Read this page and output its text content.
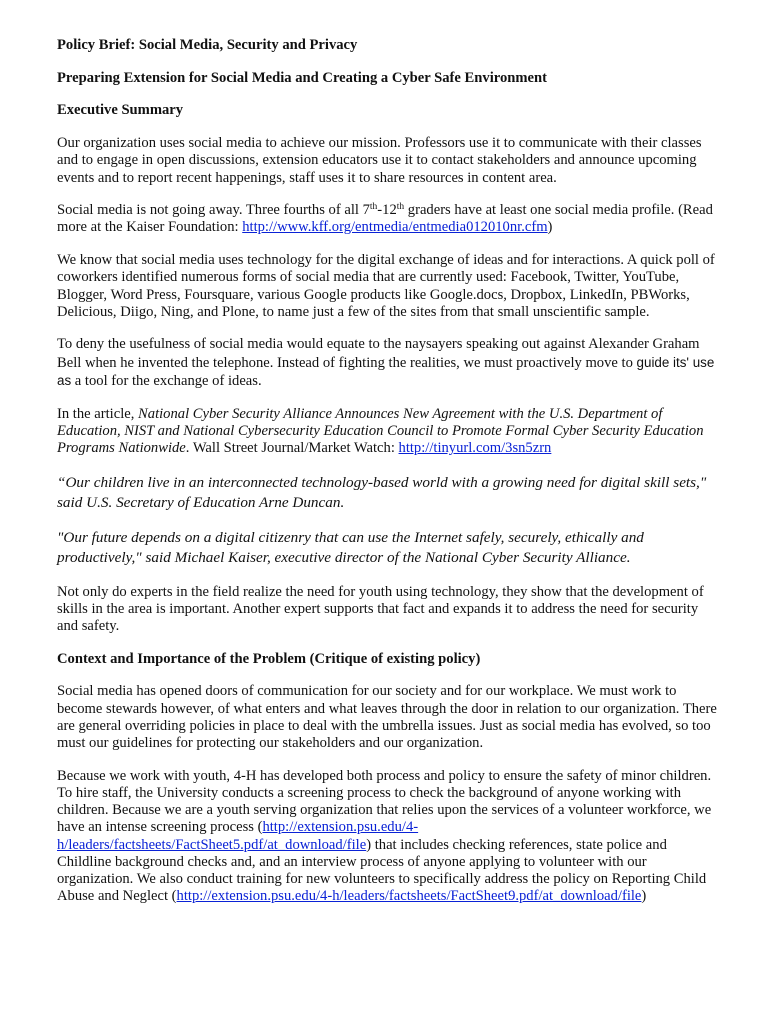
Policy Brief: Social Media, Security and Privacy

Preparing Extension for Social Media and Creating a Cyber Safe Environment

Executive Summary

Our organization uses social media to achieve our mission. Professors use it to communicate with their classes and to engage in open discussions, extension educators use it to contact stakeholders and announce upcoming events and to report recent happenings, staff uses it to share resources in content area.

Social media is not going away. Three fourths of all 7th-12th graders have at least one social media profile. (Read more at the Kaiser Foundation: http://www.kff.org/entmedia/entmedia012010nr.cfm)

We know that social media uses technology for the digital exchange of ideas and for interactions. A quick poll of coworkers identified numerous forms of social media that are currently used: Facebook, Twitter, YouTube, Blogger, Word Press, Foursquare, various Google products like Google.docs, Dropbox, LinkedIn, PBWorks, Delicious, Diigo, Ning, and Plone, to name just a few of the sites from that small unscientific sample.

To deny the usefulness of social media would equate to the naysayers speaking out against Alexander Graham Bell when he invented the telephone. Instead of fighting the realities, we must proactively move to guide its' use as a tool for the exchange of ideas.

In the article, National Cyber Security Alliance Announces New Agreement with the U.S. Department of Education, NIST and National Cybersecurity Education Council to Promote Formal Cyber Security Education Programs Nationwide. Wall Street Journal/Market Watch: http://tinyurl.com/3sn5zrn

“Our children live in an interconnected technology-based world with a growing need for digital skill sets," said U.S. Secretary of Education Arne Duncan.

"Our future depends on a digital citizenry that can use the Internet safely, securely, ethically and productively," said Michael Kaiser, executive director of the National Cyber Security Alliance.

Not only do experts in the field realize the need for youth using technology, they show that the development of skills in the area is important. Another expert supports that fact and expands it to address the need for security and safety.

Context and Importance of the Problem (Critique of existing policy)

Social media has opened doors of communication for our society and for our workplace. We must work to become stewards however, of what enters and what leaves through the door in relation to our organization. There are general overriding policies in place to deal with the umbrella issues. Just as social media has evolved, so too must our guidelines for protecting our stakeholders and our organization.

Because we work with youth, 4-H has developed both process and policy to ensure the safety of minor children. To hire staff, the University conducts a screening process to check the background of anyone working with children. Because we are a youth serving organization that relies upon the services of a volunteer workforce, we have an intense screening process (http://extension.psu.edu/4-h/leaders/factsheets/FactSheet5.pdf/at_download/file) that includes checking references, state police and Childline background checks and, and an interview process of anyone applying to volunteer with our organization. We also conduct training for new volunteers to specifically address the policy on Reporting Child Abuse and Neglect (http://extension.psu.edu/4-h/leaders/factsheets/FactSheet9.pdf/at_download/file)
